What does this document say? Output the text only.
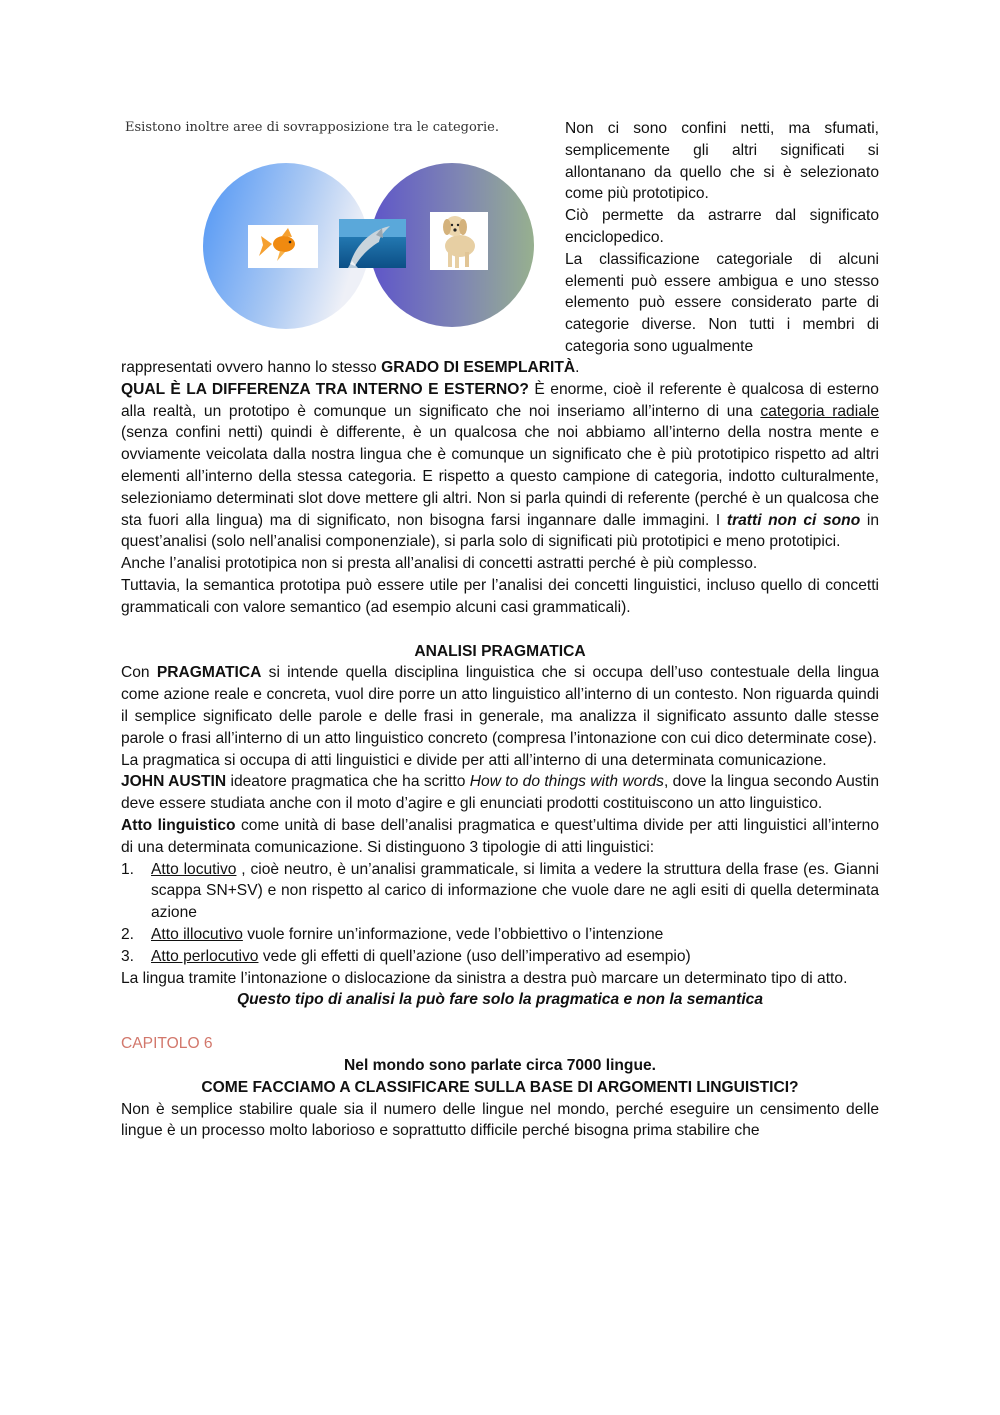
Esistono inoltre aree di sovrapposizione tra le categorie.	Non ci sono confini netti, ma sfumati, semplicemente gli altri significati si allontanano da quello che si è selezionato come più prototipico.

Ciò permette da astrarre dal significato enciclopedico.

La classificazione categoriale di alcuni elementi può essere ambigua e uno stesso elemento può essere considerato parte di categorie diverse. Non tutti i membri di categoria sono ugualmente

rappresentati ovvero hanno lo stesso GRADO DI ESEMPLARITÀ.

QUAL È LA DIFFERENZA TRA INTERNO E ESTERNO? È enorme, cioè il referente è qualcosa di esterno alla realtà, un prototipo è comunque un significato che noi inseriamo all’interno di una categoria radiale (senza confini netti) quindi è differente, è un qualcosa che noi abbiamo all’interno della nostra mente e ovviamente veicolata dalla nostra lingua che è comunque un significato che è più prototipico rispetto ad altri elementi all’interno della stessa categoria. E rispetto a questo campione di categoria, indotto culturalmente, selezioniamo determinati slot dove mettere gli altri. Non si parla quindi di referente (perché è un qualcosa che sta fuori alla lingua) ma di significato, non bisogna farsi ingannare dalle immagini. I tratti non ci sono in quest’analisi (solo nell’analisi componenziale), si parla solo di significati più prototipici e meno prototipici.

Anche l’analisi prototipica non si presta all’analisi di concetti astratti perché è più complesso.

Tuttavia, la semantica prototipa può essere utile per l’analisi dei concetti linguistici, incluso quello di concetti grammaticali con valore semantico (ad esempio alcuni casi grammaticali).

ANALISI PRAGMATICA

Con PRAGMATICA si intende quella disciplina linguistica che si occupa dell’uso contestuale della lingua come azione reale e concreta, vuol dire porre un atto linguistico all’interno di un contesto. Non riguarda quindi il semplice significato delle parole e delle frasi in generale, ma analizza il significato assunto dalle stesse parole o frasi all’interno di un atto linguistico concreto (compresa l’intonazione con cui dico determinate cose).

La pragmatica si occupa di atti linguistici e divide per atti all’interno di una determinata comunicazione.

JOHN AUSTIN ideatore pragmatica che ha scritto How to do things with words, dove la lingua secondo Austin deve essere studiata anche con il moto d’agire e gli enunciati prodotti costituiscono un atto linguistico.

Atto linguistico come unità di base dell’analisi pragmatica e quest’ultima divide per atti linguistici all’interno di una determinata comunicazione. Si distinguono 3 tipologie di atti linguistici:

1. Atto locutivo , cioè neutro, è un’analisi grammaticale, si limita a vedere la struttura della frase (es. Gianni scappa SN+SV) e non rispetto al carico di informazione che vuole dare ne agli esiti di quella determinata azione
2. Atto illocutivo vuole fornire un’informazione, vede l’obbiettivo o l’intenzione
3. Atto perlocutivo vede gli effetti di quell’azione (uso dell’imperativo ad esempio)

La lingua tramite l’intonazione o dislocazione da sinistra a destra può marcare un determinato tipo di atto.

Questo tipo di analisi la può fare solo la pragmatica e non la semantica

CAPITOLO 6

Nel mondo sono parlate circa 7000 lingue.

COME FACCIAMO A CLASSIFICARE SULLA BASE DI ARGOMENTI LINGUISTICI?

Non è semplice stabilire quale sia il numero delle lingue nel mondo, perché eseguire un censimento delle lingue è un processo molto laborioso e soprattutto difficile perché bisogna prima stabilire che
